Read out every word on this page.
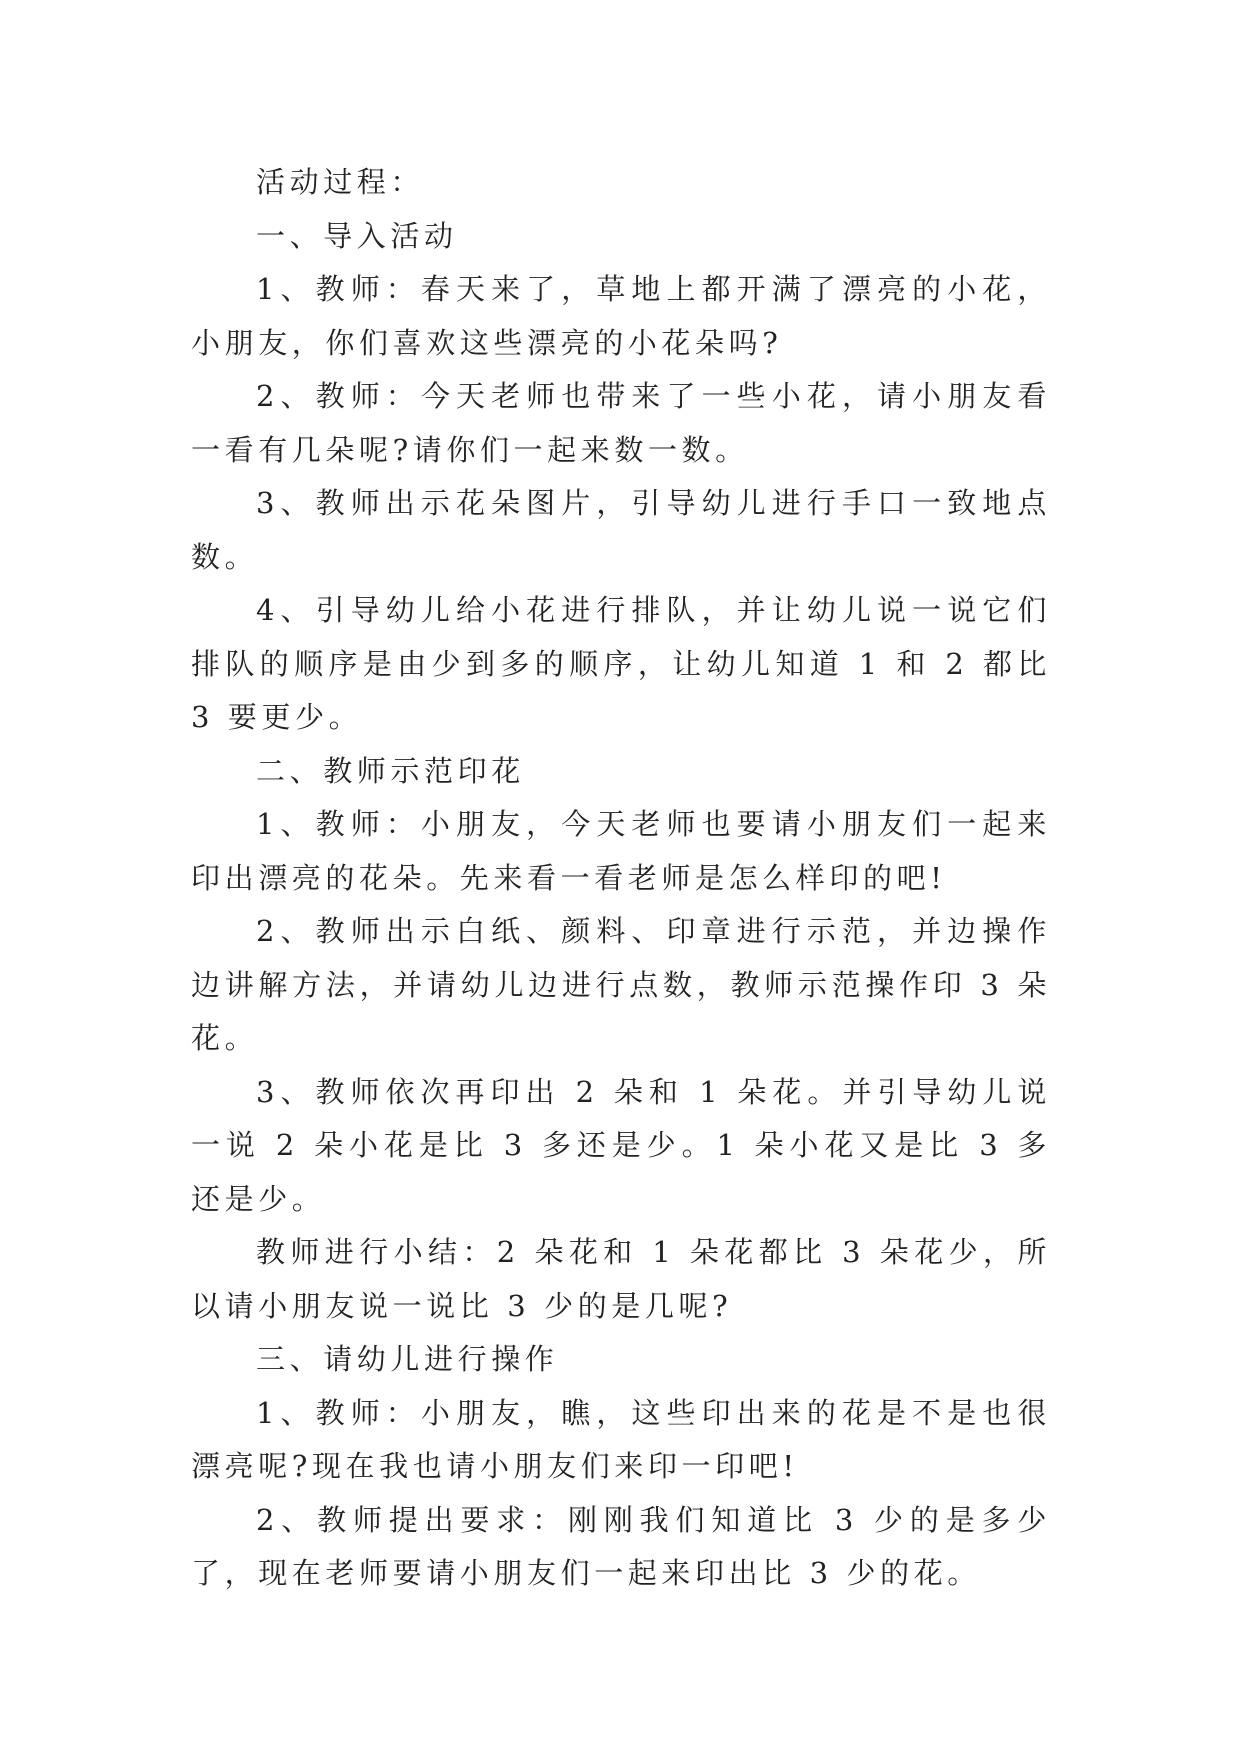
活动过程：

一、导入活动

1、教师：春天来了，草地上都开满了漂亮的小花，小朋友，你们喜欢这些漂亮的小花朵吗?

2、教师：今天老师也带来了一些小花，请小朋友看一看有几朵呢?请你们一起来数一数。

3、教师出示花朵图片，引导幼儿进行手口一致地点数。

4、引导幼儿给小花进行排队，并让幼儿说一说它们排队的顺序是由少到多的顺序，让幼儿知道 1 和 2 都比 3 要更少。

二、教师示范印花

1、教师：小朋友，今天老师也要请小朋友们一起来印出漂亮的花朵。先来看一看老师是怎么样印的吧!

2、教师出示白纸、颜料、印章进行示范，并边操作边讲解方法，并请幼儿边进行点数，教师示范操作印 3 朵花。

3、教师依次再印出 2 朵和 1 朵花。并引导幼儿说一说 2 朵小花是比 3 多还是少。1 朵小花又是比 3 多还是少。

教师进行小结：2 朵花和 1 朵花都比 3 朵花少，所以请小朋友说一说比 3 少的是几呢?

三、请幼儿进行操作

1、教师：小朋友，瞧，这些印出来的花是不是也很漂亮呢?现在我也请小朋友们来印一印吧!

2、教师提出要求：刚刚我们知道比 3 少的是多少了，现在老师要请小朋友们一起来印出比 3 少的花。
